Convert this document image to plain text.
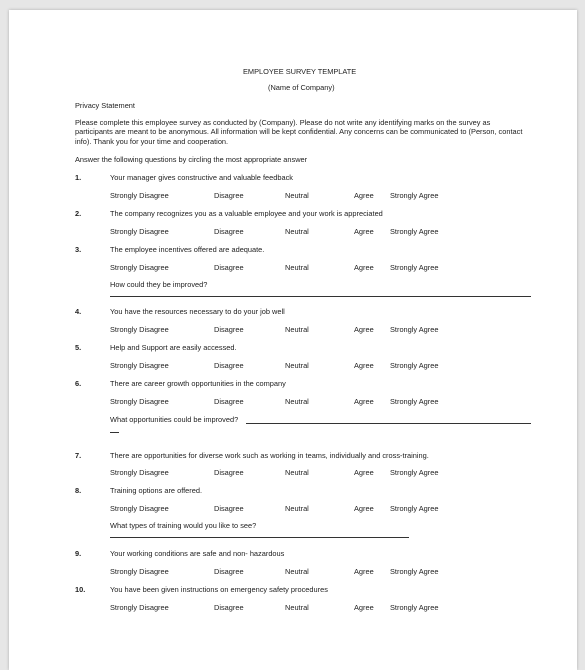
EMPLOYEE SURVEY TEMPLATE
(Name of Company)
Privacy Statement
Please complete this employee survey as conducted by (Company). Please do not write any identifying marks on the survey as participants are meant to be anonymous. All information will be kept confidential. Any concerns can be communicated to (Person, contact info). Thank you for your time and cooperation.
Answer the following questions by circling the most appropriate answer
1.	Your manager gives constructive and valuable feedback
Strongly Disagree	Disagree	Neutral	Agree Strongly Agree
2.	The company recognizes you as a valuable employee and your work is appreciated
Strongly Disagree	Disagree	Neutral	Agree Strongly Agree
3.	The employee incentives offered are adequate.
Strongly Disagree	Disagree	Neutral	Agree Strongly Agree
How could they be improved?
4.	You have the resources necessary to do your job well
Strongly Disagree	Disagree	Neutral	Agree Strongly Agree
5.	Help and Support are easily accessed.
Strongly Disagree	Disagree	Neutral	Agree Strongly Agree
6.	There are career growth opportunities in the company
Strongly Disagree	Disagree	Neutral	Agree Strongly Agree
What opportunities could be improved?
7.	There are opportunities for diverse work such as working in teams, individually and cross-training.
Strongly Disagree	Disagree	Neutral	Agree Strongly Agree
8.	Training options are offered.
Strongly Disagree	Disagree	Neutral	Agree Strongly Agree
What types of training would you like to see?
9.	Your working conditions are safe and non- hazardous
Strongly Disagree	Disagree	Neutral	Agree Strongly Agree
10.	You have been given instructions on emergency safety procedures
Strongly Disagree	Disagree	Neutral	Agree Strongly Agree
